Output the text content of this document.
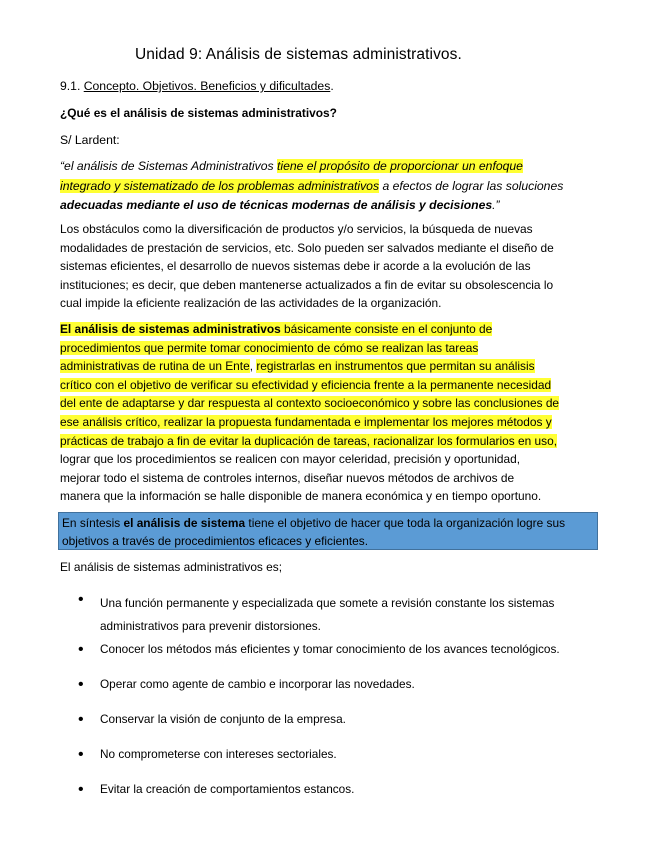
Unidad 9: Análisis de sistemas administrativos.
9.1. Concepto. Objetivos. Beneficios y dificultades.
¿Qué es el análisis de sistemas administrativos?
S/ Lardent:
“el análisis de Sistemas Administrativos tiene el propósito de proporcionar un enfoque
integrado y sistematizado de los problemas administrativos a efectos de lograr las soluciones
adecuadas mediante el uso de técnicas modernas de análisis y decisiones.”
Los obstáculos como la diversificación de productos y/o servicios, la búsqueda de nuevas
modalidades de prestación de servicios, etc. Solo pueden ser salvados mediante el diseño de
sistemas eficientes, el desarrollo de nuevos sistemas debe ir acorde a la evolución de las
instituciones; es decir, que deben mantenerse actualizados a fin de evitar su obsolescencia lo
cual impide la eficiente realización de las actividades de la organización.
El análisis de sistemas administrativos básicamente consiste en el conjunto de
procedimientos que permite tomar conocimiento de cómo se realizan las tareas
administrativas de rutina de un Ente, registrarlas en instrumentos que permitan su análisis
crítico con el objetivo de verificar su efectividad y eficiencia frente a la permanente necesidad
del ente de adaptarse y dar respuesta al contexto socioeconómico y sobre las conclusiones de
ese análisis crítico, realizar la propuesta fundamentada e implementar los mejores métodos y
prácticas de trabajo a fin de evitar la duplicación de tareas, racionalizar los formularios en uso,
lograr que los procedimientos se realicen con mayor celeridad, precisión y oportunidad,
mejorar todo el sistema de controles internos, diseñar nuevos métodos de archivos de
manera que la información se halle disponible de manera económica y en tiempo oportuno.
En síntesis el análisis de sistema tiene el objetivo de hacer que toda la organización logre sus
objetivos a través de procedimientos eficaces y eficientes.
El análisis de sistemas administrativos es;
• Una función permanente y especializada que somete a revisión constante los sistemas
administrativos para prevenir distorsiones.
• Conocer los métodos más eficientes y tomar conocimiento de los avances tecnológicos.
• Operar como agente de cambio e incorporar las novedades.
• Conservar la visión de conjunto de la empresa.
• No comprometerse con intereses sectoriales.
• Evitar la creación de comportamientos estancos.
